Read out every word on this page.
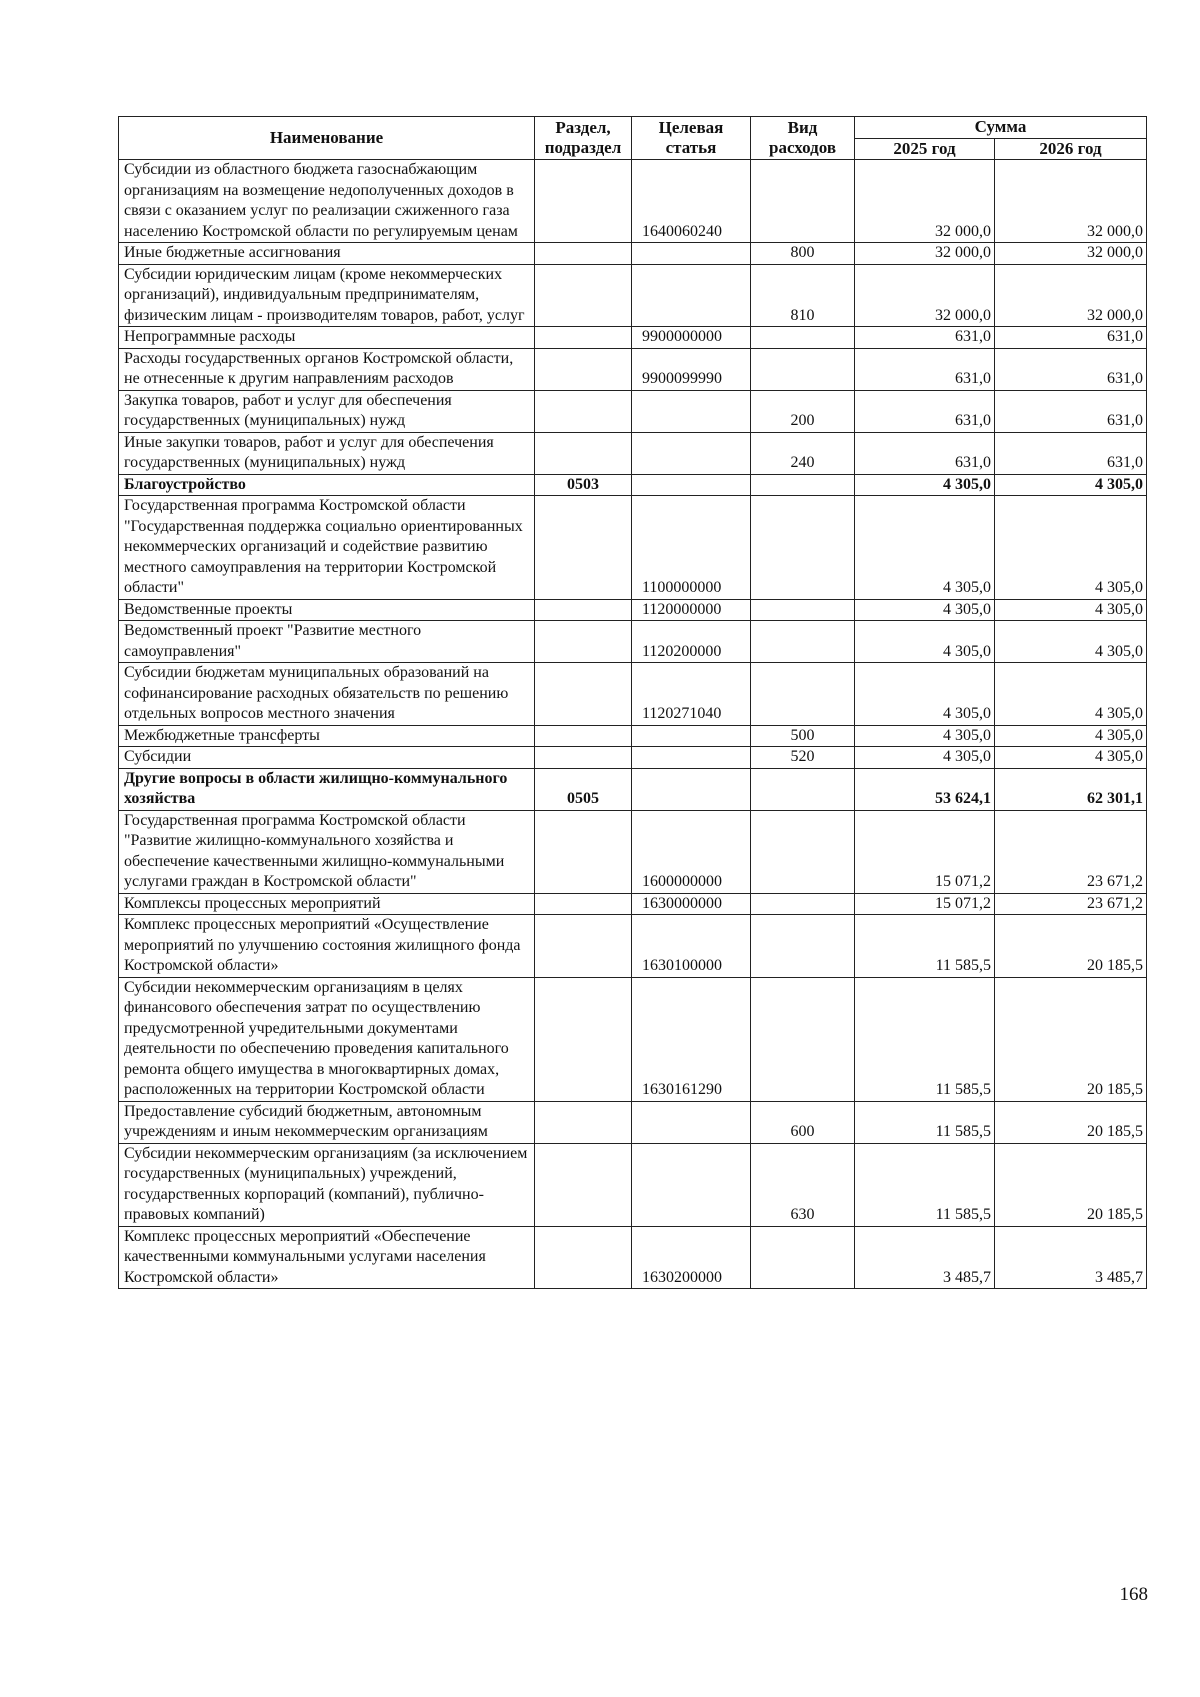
Наименование	Раздел, подраздел	Целевая статья	Вид расходов	Сумма	
				2025 год	2026 год
Субсидии из областного бюджета газоснабжающим организациям на возмещение недополученных доходов в связи с оказанием услуг по реализации сжиженного газа населению Костромской области по регулируемым ценам		1640060240		32 000,0	32 000,0
Иные бюджетные ассигнования			800	32 000,0	32 000,0
Субсидии юридическим лицам (кроме некоммерческих организаций), индивидуальным предпринимателям, физическим лицам - производителям товаров, работ, услуг			810	32 000,0	32 000,0
Непрограммные расходы		9900000000		631,0	631,0
Расходы государственных органов Костромской области, не отнесенные к другим направлениям расходов		9900099990		631,0	631,0
Закупка товаров, работ и услуг для обеспечения государственных (муниципальных) нужд			200	631,0	631,0
Иные закупки товаров, работ и услуг для обеспечения государственных (муниципальных) нужд			240	631,0	631,0
Благоустройство	0503			4 305,0	4 305,0
Государственная программа Костромской области "Государственная поддержка социально ориентированных некоммерческих организаций и содействие развитию местного самоуправления на территории Костромской области"		1100000000		4 305,0	4 305,0
Ведомственные проекты		1120000000		4 305,0	4 305,0
Ведомственный проект "Развитие местного самоуправления"		1120200000		4 305,0	4 305,0
Субсидии бюджетам муниципальных образований на софинансирование расходных обязательств по решению отдельных вопросов местного значения		1120271040		4 305,0	4 305,0
Межбюджетные трансферты			500	4 305,0	4 305,0
Субсидии			520	4 305,0	4 305,0
Другие вопросы в области жилищно-коммунального хозяйства	0505			53 624,1	62 301,1
Государственная программа Костромской области "Развитие жилищно-коммунального хозяйства и обеспечение качественными жилищно-коммунальными услугами граждан в Костромской области"		1600000000		15 071,2	23 671,2
Комплексы процессных мероприятий		1630000000		15 071,2	23 671,2
Комплекс процессных мероприятий «Осуществление мероприятий по улучшению состояния жилищного фонда Костромской области»		1630100000		11 585,5	20 185,5
Субсидии некоммерческим организациям в целях финансового обеспечения затрат по осуществлению предусмотренной учредительными документами деятельности по обеспечению проведения капитального ремонта общего имущества в многоквартирных домах, расположенных на территории Костромской области		1630161290		11 585,5	20 185,5
Предоставление субсидий бюджетным, автономным учреждениям и иным некоммерческим организациям			600	11 585,5	20 185,5
Субсидии некоммерческим организациям (за исключением государственных (муниципальных) учреждений, государственных корпораций (компаний), публично-правовых компаний)			630	11 585,5	20 185,5
Комплекс процессных мероприятий «Обеспечение качественными коммунальными услугами населения Костромской области»		1630200000		3 485,7	3 485,7
168
